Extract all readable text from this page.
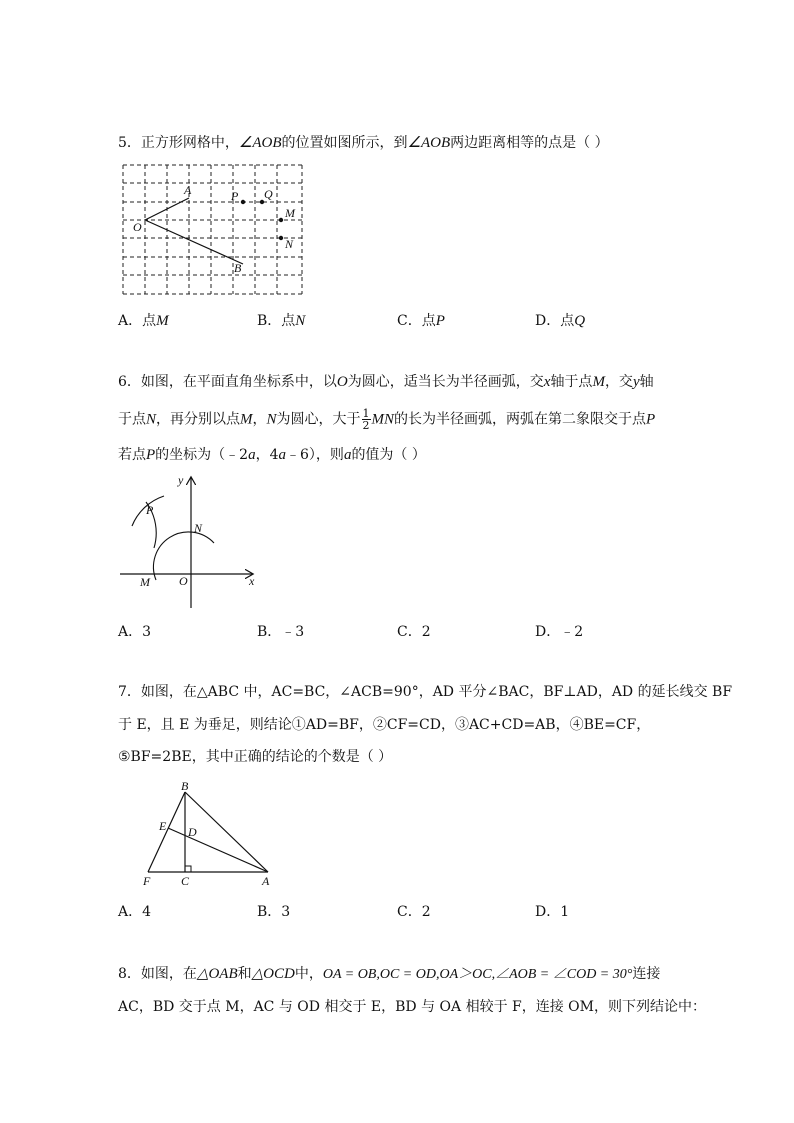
5．正方形网格中，∠AOB的位置如图所示，到∠AOB两边距离相等的点是（ ）
A	P Q
O
M
N
B
A．点M	B．点N	C．点P	D．点Q
6．如图，在平面直角坐标系中，以O为圆心，适当长为半径画弧，交x轴于点M，交y轴
于点N，再分别以点M，N为圆心，大于 $\frac{1}{2}$ MN的长为半径画弧，两弧在第二象限交于点P
若点P的坐标为（﹣2a，4a﹣6），则a的值为（ ）
y
P
N
M O	x
A．3	B．﹣3	C．2	D．﹣2
7．如图，在△ABC 中，AC=BC，∠ACB=90°，AD 平分∠BAC，BF⊥AD，AD 的延长线交 BF
于 E，且 E 为垂足，则结论①AD=BF，②CF=CD，③AC+CD=AB，④BE=CF，
⑤BF=2BE，其中正确的结论的个数是（ ）
B
E D
F	C	A
A．4	B．3	C．2	D．1
8．如图，在△OAB和△OCD中，OA = OB,OC = OD,OA＞OC,∠AOB = ∠COD = 30°连接
AC，BD 交于点 M，AC 与 OD 相交于 E，BD 与 OA 相较于 F，连接 OM，则下列结论中：
